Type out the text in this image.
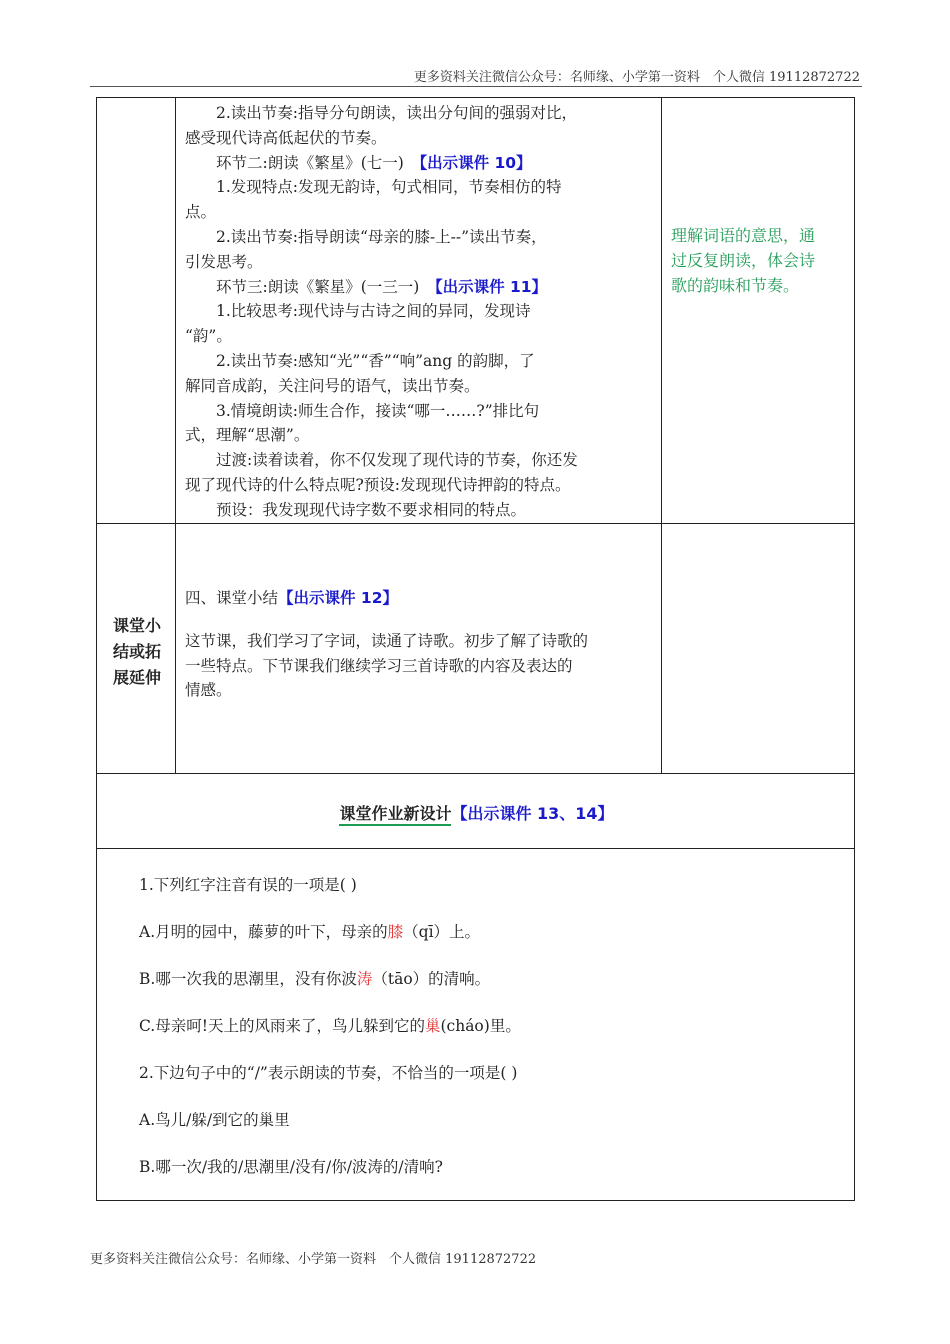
更多资料关注微信公众号：名师缘、小学第一资料　个人微信 19112872722

2.读出节奏:指导分句朗读，读出分句间的强弱对比，

感受现代诗高低起伏的节奏。

环节二:朗读《繁星》(七一)　 【出示课件 10】

1.发现特点:发现无韵诗，句式相同，节奏相仿的特

点。

2.读出节奏:指导朗读“母亲的膝-上--”读出节奏，

引发思考。

环节三:朗读《繁星》(一三一)　 【出示课件 11】

1.比较思考:现代诗与古诗之间的异同，发现诗

“韵”。

2.读出节奏:感知“光”“香”“响”ang 的韵脚，了

解同音成韵，关注问号的语气，读出节奏。

3.情境朗读:师生合作，接读“哪一……?”排比句

式，理解“思潮”。

过渡:读着读着，你不仅发现了现代诗的节奏，你还发

现了现代诗的什么特点呢?预设:发现现代诗押韵的特点。

预设：我发现现代诗字数不要求相同的特点。

理解词语的意思，通

过反复朗读，体会诗

歌的韵味和节奏。

课堂小
结或拓
展延伸

四、课堂小结【出示课件 12】

这节课，我们学习了字词，读通了诗歌。初步了解了诗歌的

一些特点。下节课我们继续学习三首诗歌的内容及表达的

情感。

课堂作业新设计【出示课件 13、14】
1.下列红字注音有误的一项是( )
A.月明的园中，藤萝的叶下，母亲的膝（qī）上。
B.哪一次我的思潮里，没有你波涛（tāo）的清响。
C.母亲呵!天上的风雨来了，鸟儿躲到它的巢(cháo)里。
2.下边句子中的“/”表示朗读的节奏，不恰当的一项是( )
A.鸟儿/躲/到它的巢里
B.哪一次/我的/思潮里/没有/你/波涛的/清响?
更多资料关注微信公众号：名师缘、小学第一资料　个人微信 19112872722
